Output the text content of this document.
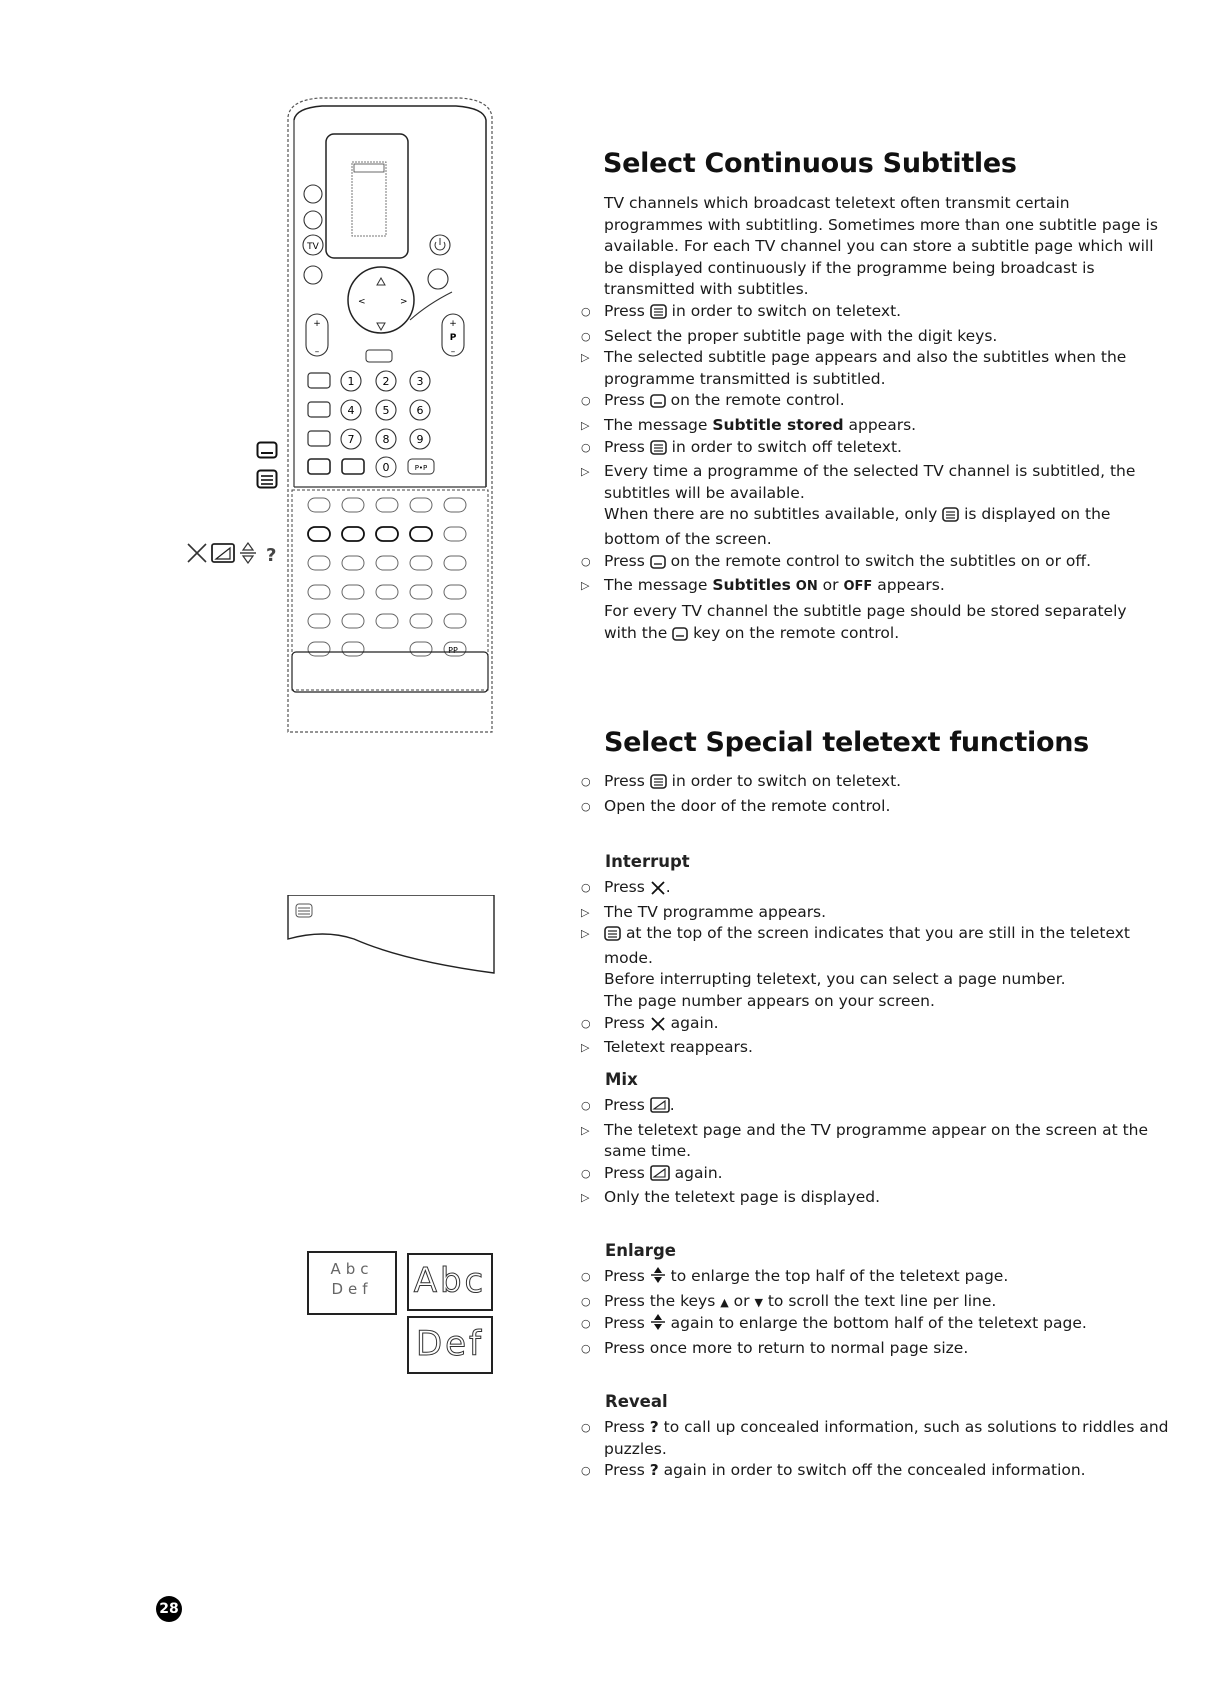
TV
<	>
+
–
+
P
–
1	2 3
4	5 6
7	8 9
0	P•P
PP
?
Abc
Def	Abc
Def
28
Select Continuous Subtitles
TV channels which broadcast teletext often transmit certain programmes with subtitling. Sometimes more than one subtitle page is available. For each TV channel you can store a subtitle page which will be displayed continuously if the programme being broadcast is transmitted with subtitles.
○ Press in order to switch on teletext.
○ Select the proper subtitle page with the digit keys.
▷ The selected subtitle page appears and also the subtitles when the programme transmitted is subtitled.
○ Press on the remote control.
▷ The message Subtitle stored appears.
○ Press in order to switch off teletext.
▷ Every time a programme of the selected TV channel is subtitled, the subtitles will be available.
When there are no subtitles available, only is displayed on the bottom of the screen.
○ Press on the remote control to switch the subtitles on or off.
▷ The message Subtitles ON or OFF appears.
For every TV channel the subtitle page should be stored separately with the key on the remote control.
Select Special teletext functions
○ Press in order to switch on teletext.
○ Open the door of the remote control.
Interrupt
○ Press .
▷ The TV programme appears.
▷ at the top of the screen indicates that you are still in the teletext mode.
Before interrupting teletext, you can select a page number.
The page number appears on your screen.
○ Press again.
▷ Teletext reappears.
Mix
○ Press .
▷ The teletext page and the TV programme appear on the screen at the same time.
○ Press again.
▷ Only the teletext page is displayed.
Enlarge
○ Press to enlarge the top half of the teletext page.
○ Press the keys ▲ or ▼ to scroll the text line per line.
○ Press again to enlarge the bottom half of the teletext page.
○ Press once more to return to normal page size.
Reveal
○ Press ? to call up concealed information, such as solutions to riddles and puzzles.
○ Press ? again in order to switch off the concealed information.
